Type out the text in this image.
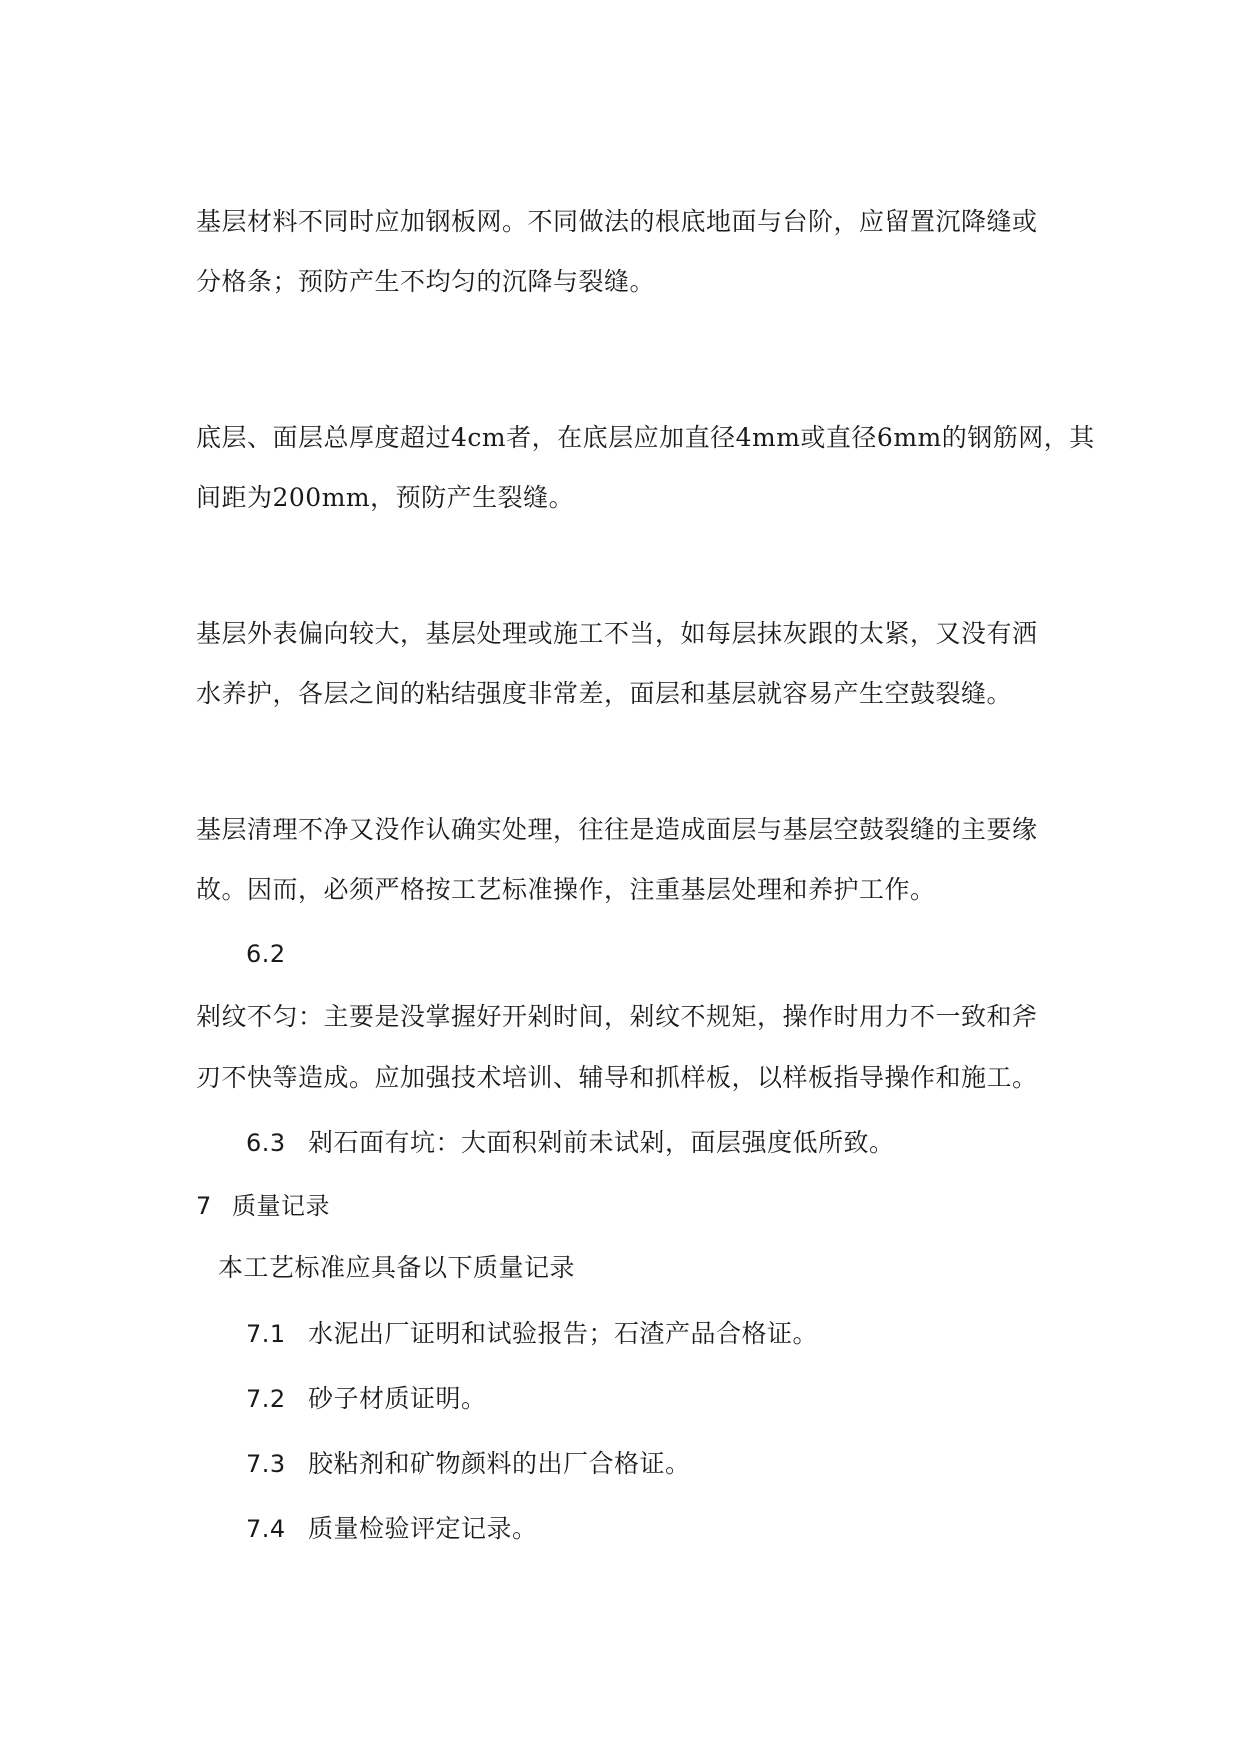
基层材料不同时应加钢板网。不同做法的根底地面与台阶，应留置沉降缝或
分格条；预防产生不均匀的沉降与裂缝。
底层、面层总厚度超过4cm者，在底层应加直径4mm或直径6mm的钢筋网，其
间距为200mm，预防产生裂缝。
基层外表偏向较大，基层处理或施工不当，如每层抹灰跟的太紧，又没有洒
水养护，各层之间的粘结强度非常差，面层和基层就容易产生空鼓裂缝。
基层清理不净又没作认确实处理，往往是造成面层与基层空鼓裂缝的主要缘
故。因而，必须严格按工艺标准操作，注重基层处理和养护工作。
6.2
剁纹不匀：主要是没掌握好开剁时间，剁纹不规矩，操作时用力不一致和斧
刃不快等造成。应加强技术培训、辅导和抓样板，以样板指导操作和施工。
6.3 剁石面有坑：大面积剁前未试剁，面层强度低所致。
7 质量记录
本工艺标准应具备以下质量记录
7.1 水泥出厂证明和试验报告；石渣产品合格证。
7.2 砂子材质证明。
7.3 胶粘剂和矿物颜料的出厂合格证。
7.4 质量检验评定记录。
